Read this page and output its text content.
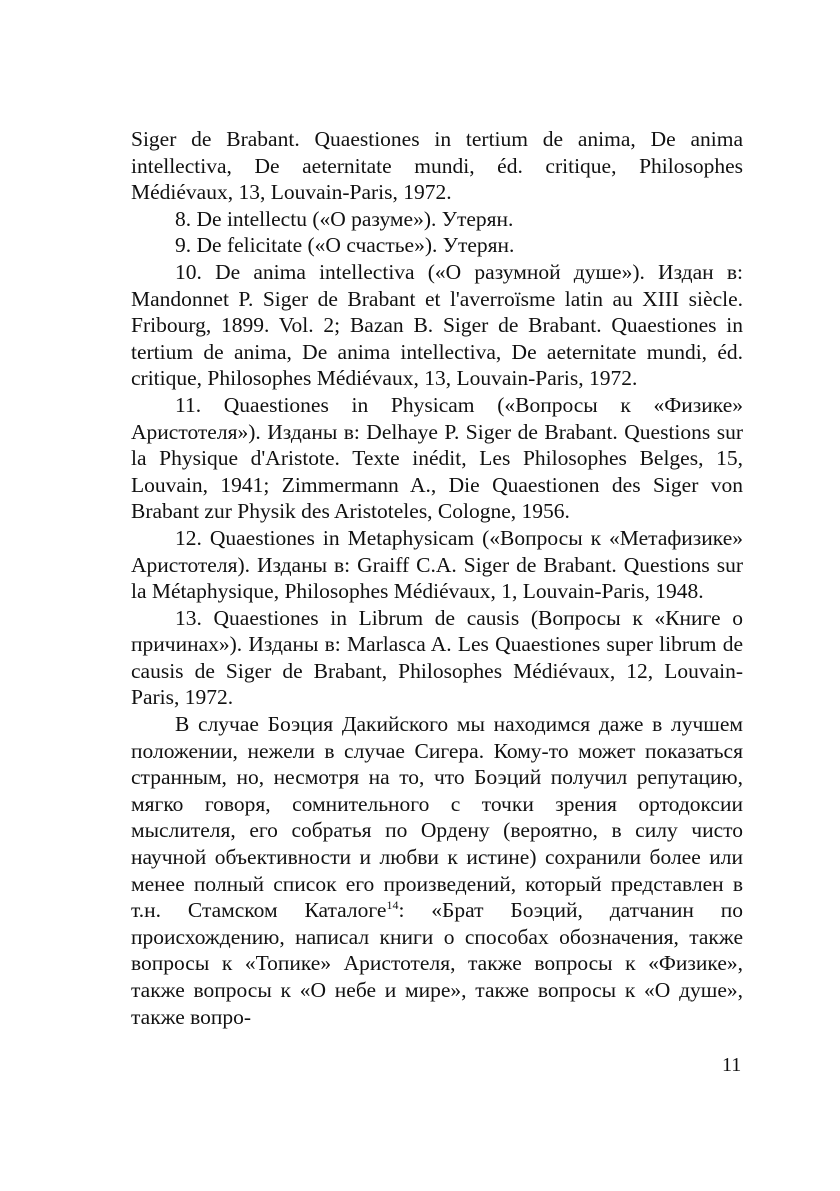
Siger de Brabant. Quaestiones in tertium de anima, De anima intellectiva, De aeternitate mundi, éd. critique, Philosophes Médiévaux, 13, Louvain-Paris, 1972.

8. De intellectu («О разуме»). Утерян.

9. De felicitate («О счастье»). Утерян.

10. De anima intellectiva («О разумной душе»). Издан в: Mandonnet P. Siger de Brabant et l'averroïsme latin au XIII siècle. Fribourg, 1899. Vol. 2; Bazan B. Siger de Brabant. Quaestiones in tertium de anima, De anima intellectiva, De aeternitate mundi, éd. critique, Philosophes Médiévaux, 13, Louvain-Paris, 1972.

11. Quaestiones in Physicam («Вопросы к «Физике» Аристотеля»). Изданы в: Delhaye P. Siger de Brabant. Questions sur la Physique d'Aristote. Texte inédit, Les Philosophes Belges, 15, Louvain, 1941; Zimmermann A., Die Quaestionen des Siger von Brabant zur Physik des Aristoteles, Cologne, 1956.

12. Quaestiones in Metaphysicam («Вопросы к «Метафизике» Аристотеля). Изданы в: Graiff C.A. Siger de Brabant. Questions sur la Métaphysique, Philosophes Médiévaux, 1, Louvain-Paris, 1948.

13. Quaestiones in Librum de causis (Вопросы к «Книге о причинах»). Изданы в: Marlasca A. Les Quaestiones super librum de causis de Siger de Brabant, Philosophes Médiévaux, 12, Louvain-Paris, 1972.

В случае Боэция Дакийского мы находимся даже в лучшем положении, нежели в случае Сигера. Кому-то может показаться странным, но, несмотря на то, что Боэций получил репутацию, мягко говоря, сомнительного с точки зрения ортодоксии мыслителя, его собратья по Ордену (вероятно, в силу чисто научной объективности и любви к истине) сохранили более или менее полный список его произведений, который представлен в т.н. Стамском Каталоге$^{14}$: «Брат Боэций, датчанин по происхождению, написал книги о способах обозначения, также вопросы к «Топике» Аристотеля, также вопросы к «Физике», также вопросы к «О небе и мире», также вопросы к «О душе», также вопро-

11
